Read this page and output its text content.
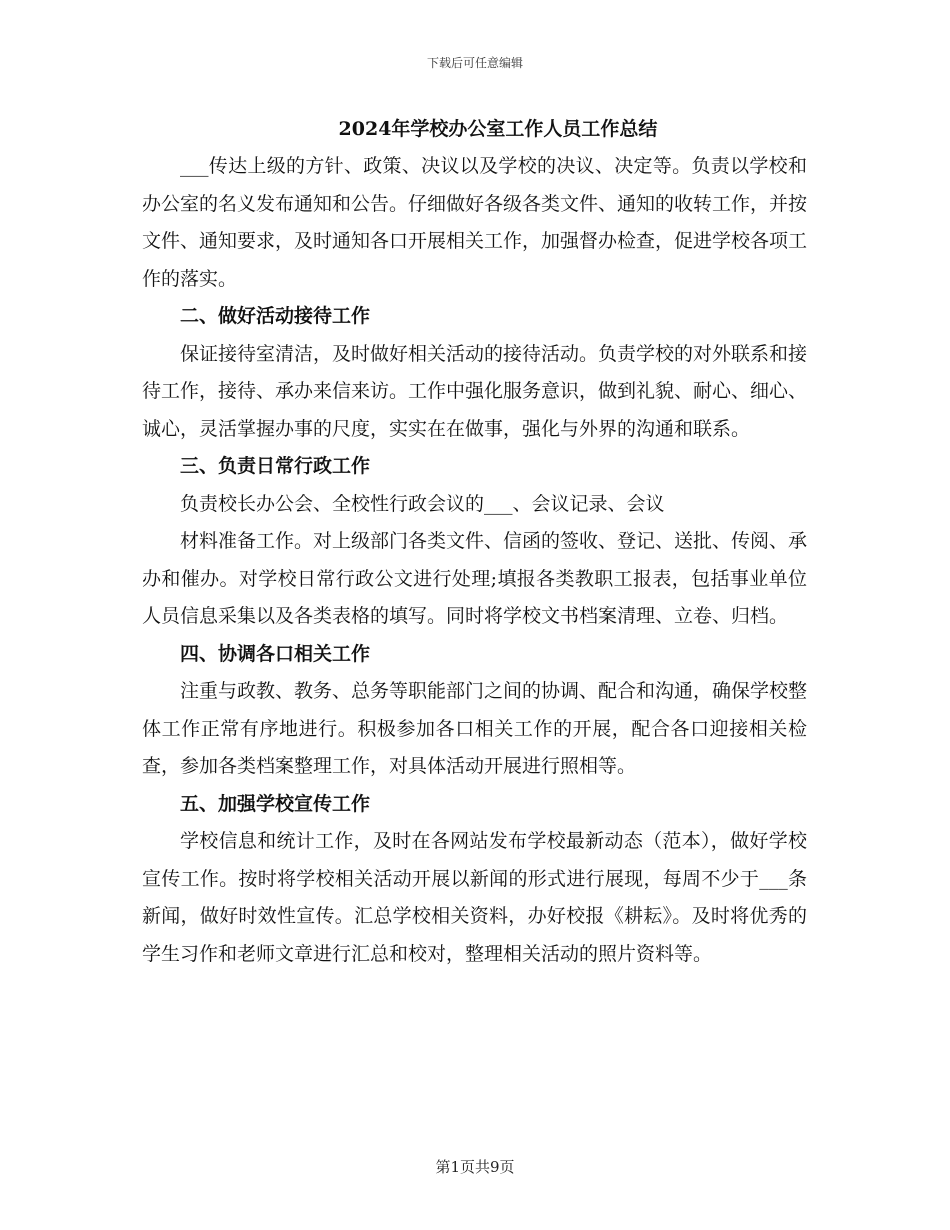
下载后可任意编辑
2024年学校办公室工作人员工作总结

___传达上级的方针、政策、决议以及学校的决议、决定等。负责以学校和办公室的名义发布通知和公告。仔细做好各级各类文件、通知的收转工作，并按文件、通知要求，及时通知各口开展相关工作，加强督办检查，促进学校各项工作的落实。

二、做好活动接待工作

保证接待室清洁，及时做好相关活动的接待活动。负责学校的对外联系和接待工作，接待、承办来信来访。工作中强化服务意识，做到礼貌、耐心、细心、诚心，灵活掌握办事的尺度，实实在在做事，强化与外界的沟通和联系。

三、负责日常行政工作

负责校长办公会、全校性行政会议的___、会议记录、会议

材料准备工作。对上级部门各类文件、信函的签收、登记、送批、传阅、承办和催办。对学校日常行政公文进行处理;填报各类教职工报表，包括事业单位人员信息采集以及各类表格的填写。同时将学校文书档案清理、立卷、归档。

四、协调各口相关工作

注重与政教、教务、总务等职能部门之间的协调、配合和沟通，确保学校整体工作正常有序地进行。积极参加各口相关工作的开展，配合各口迎接相关检查，参加各类档案整理工作，对具体活动开展进行照相等。

五、加强学校宣传工作

学校信息和统计工作，及时在各网站发布学校最新动态（范本），做好学校宣传工作。按时将学校相关活动开展以新闻的形式进行展现，每周不少于___条新闻，做好时效性宣传。汇总学校相关资料，办好校报《耕耘》。及时将优秀的学生习作和老师文章进行汇总和校对，整理相关活动的照片资料等。

第1页共9页
